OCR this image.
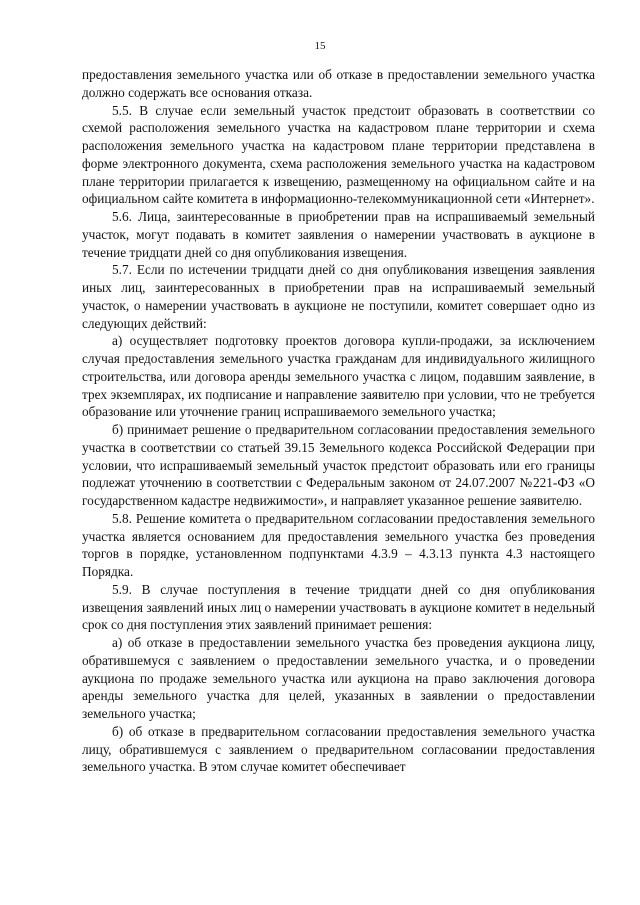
15

предоставления земельного участка или об отказе в предоставлении земельного участка должно содержать все основания отказа.

5.5. В случае если земельный участок предстоит образовать в соответствии со схемой расположения земельного участка на кадастровом плане территории и схема расположения земельного участка на кадастровом плане территории представлена в форме электронного документа, схема расположения земельного участка на кадастровом плане территории прилагается к извещению, размещенному на официальном сайте и на официальном сайте комитета в информационно-телекоммуникационной сети «Интернет».

5.6. Лица, заинтересованные в приобретении прав на испрашиваемый земельный участок, могут подавать в комитет заявления о намерении участвовать в аукционе в течение тридцати дней со дня опубликования извещения.

5.7. Если по истечении тридцати дней со дня опубликования извещения заявления иных лиц, заинтересованных в приобретении прав на испрашиваемый земельный участок, о намерении участвовать в аукционе не поступили, комитет совершает одно из следующих действий:

а) осуществляет подготовку проектов договора купли-продажи, за исключением случая предоставления земельного участка гражданам для индивидуального жилищного строительства, или договора аренды земельного участка с лицом, подавшим заявление, в трех экземплярах, их подписание и направление заявителю при условии, что не требуется образование или уточнение границ испрашиваемого земельного участка;

б) принимает решение о предварительном согласовании предоставления земельного участка в соответствии со статьей 39.15 Земельного кодекса Российской Федерации при условии, что испрашиваемый земельный участок предстоит образовать или его границы подлежат уточнению в соответствии с Федеральным законом от 24.07.2007 №221-ФЗ «О государственном кадастре недвижимости», и направляет указанное решение заявителю.

5.8. Решение комитета о предварительном согласовании предоставления земельного участка является основанием для предоставления земельного участка без проведения торгов в порядке, установленном подпунктами 4.3.9 – 4.3.13 пункта 4.3 настоящего Порядка.

5.9. В случае поступления в течение тридцати дней со дня опубликования извещения заявлений иных лиц о намерении участвовать в аукционе комитет в недельный срок со дня поступления этих заявлений принимает решения:

а) об отказе в предоставлении земельного участка без проведения аукциона лицу, обратившемуся с заявлением о предоставлении земельного участка, и о проведении аукциона по продаже земельного участка или аукциона на право заключения договора аренды земельного участка для целей, указанных в заявлении о предоставлении земельного участка;

б) об отказе в предварительном согласовании предоставления земельного участка лицу, обратившемуся с заявлением о предварительном согласовании предоставления земельного участка. В этом случае комитет обеспечивает
